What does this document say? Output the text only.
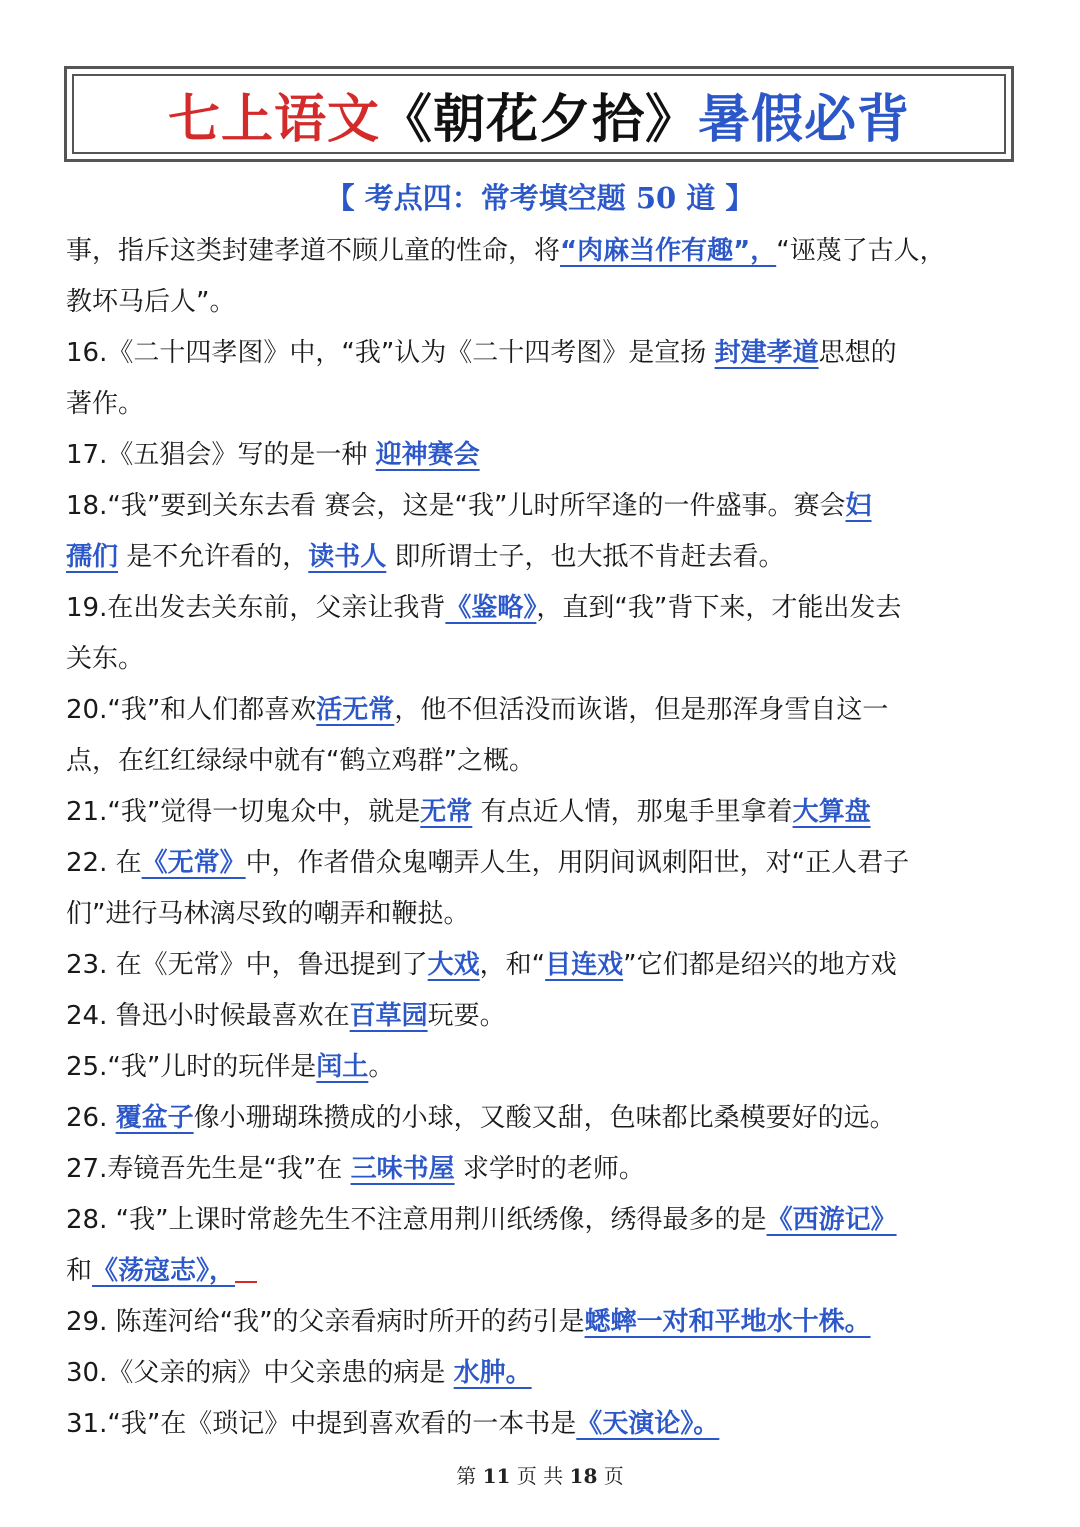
七上语文 《朝花夕拾》 暑假必背
【 考点四：常考填空题 50 道 】
事，指斥这类封建孝道不顾儿童的性命，将“肉麻当作有趣”，“诬蔑了古人，
教坏马后人”。
16.《二十四孝图》中，“我”认为《二十四考图》是宣扬 封建孝道思想的
著作。
17.《五猖会》写的是一种 迎神赛会
18.“我”要到关东去看 赛会，这是“我”儿时所罕逢的一件盛事。赛会妇
孺们 是不允许看的，读书人 即所谓士子，也大抵不肯赶去看。
19.在出发去关东前，父亲让我背《鉴略》，直到“我”背下来，才能出发去
关东。
20.“我”和人们都喜欢活无常，他不但活没而诙谐，但是那浑身雪自这一
点，在红红绿绿中就有“鹤立鸡群”之概。
21.“我”觉得一切鬼众中，就是无常 有点近人情，那鬼手里拿着大算盘
22. 在《无常》中，作者借众鬼嘲弄人生，用阴间讽刺阳世，对“正人君子
们”进行马林漓尽致的嘲弄和鞭挞。
23. 在《无常》中，鲁迅提到了大戏，和“目连戏”它们都是绍兴的地方戏
24. 鲁迅小时候最喜欢在百草园玩要。
25.“我”儿时的玩伴是闰土。
26. 覆盆子像小珊瑚珠攒成的小球，又酸又甜，色味都比桑模要好的远。
27.寿镜吾先生是“我”在 三味书屋 求学时的老师。
28. “我”上课时常趁先生不注意用荆川纸绣像，绣得最多的是《西游记》
和《荡寇志》，
29. 陈莲河给“我”的父亲看病时所开的药引是蟋蟀一对和平地水十株。
30.《父亲的病》中父亲患的病是 水肿。
31.“我”在《琐记》中提到喜欢看的一本书是《天演论》。
第 11 页 共 18 页
